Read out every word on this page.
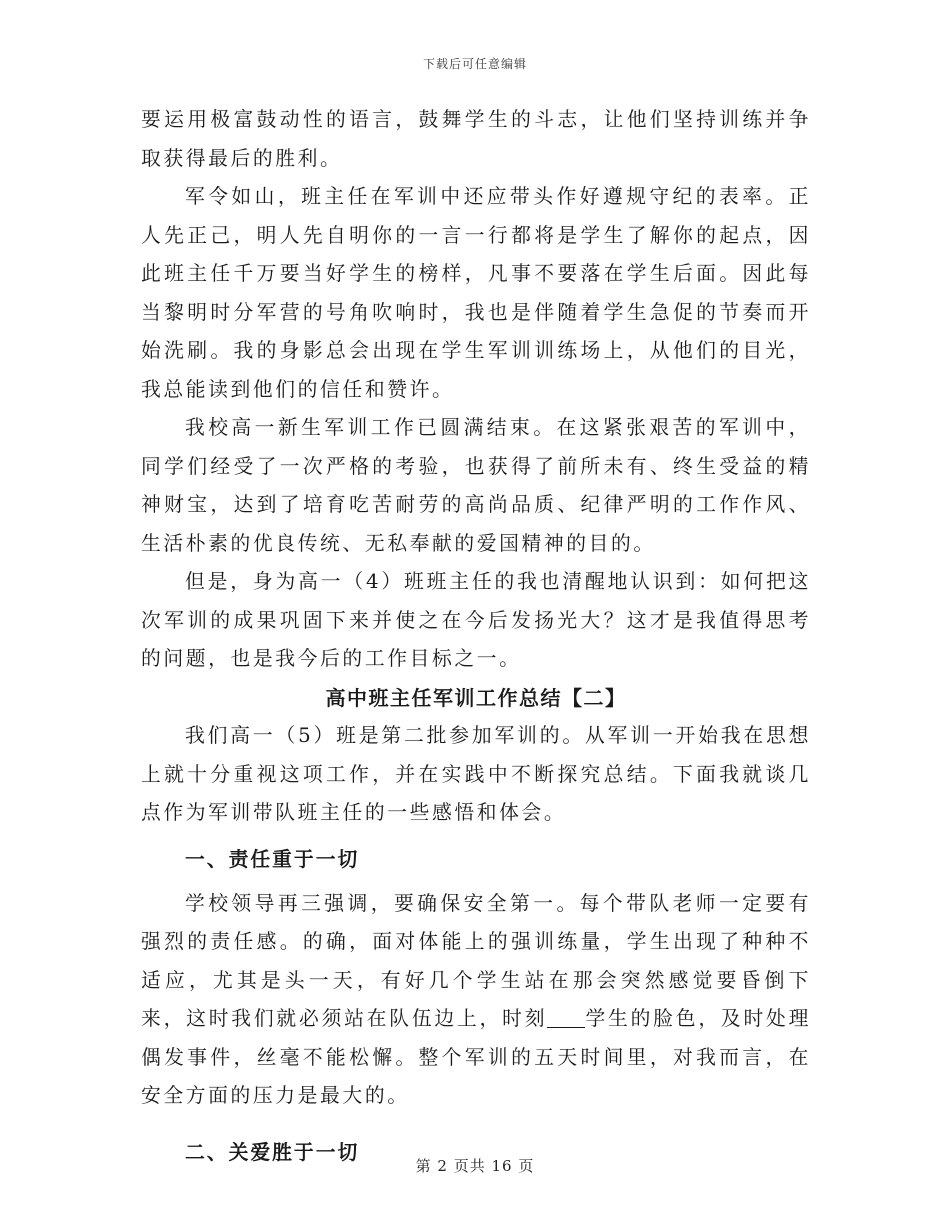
下载后可任意编辑

要运用极富鼓动性的语言，鼓舞学生的斗志，让他们坚持训练并争取获得最后的胜利。

军令如山，班主任在军训中还应带头作好遵规守纪的表率。正人先正己，明人先自明你的一言一行都将是学生了解你的起点，因此班主任千万要当好学生的榜样，凡事不要落在学生后面。因此每当黎明时分军营的号角吹响时，我也是伴随着学生急促的节奏而开始洗刷。我的身影总会出现在学生军训训练场上，从他们的目光，我总能读到他们的信任和赞许。

我校高一新生军训工作已圆满结束。在这紧张艰苦的军训中，同学们经受了一次严格的考验，也获得了前所未有、终生受益的精神财宝，达到了培育吃苦耐劳的高尚品质、纪律严明的工作作风、生活朴素的优良传统、无私奉献的爱国精神的目的。

但是，身为高一（4）班班主任的我也清醒地认识到：如何把这次军训的成果巩固下来并使之在今后发扬光大？这才是我值得思考的问题，也是我今后的工作目标之一。

高中班主任军训工作总结【二】

我们高一（5）班是第二批参加军训的。从军训一开始我在思想上就十分重视这项工作，并在实践中不断探究总结。下面我就谈几点作为军训带队班主任的一些感悟和体会。

一、责任重于一切

学校领导再三强调，要确保安全第一。每个带队老师一定要有强烈的责任感。的确，面对体能上的强训练量，学生出现了种种不适应，尤其是头一天，有好几个学生站在那会突然感觉要昏倒下来，这时我们就必须站在队伍边上，时刻 学生的脸色，及时处理偶发事件，丝毫不能松懈。整个军训的五天时间里，对我而言，在安全方面的压力是最大的。

二、关爱胜于一切

第 2 页共 16 页
